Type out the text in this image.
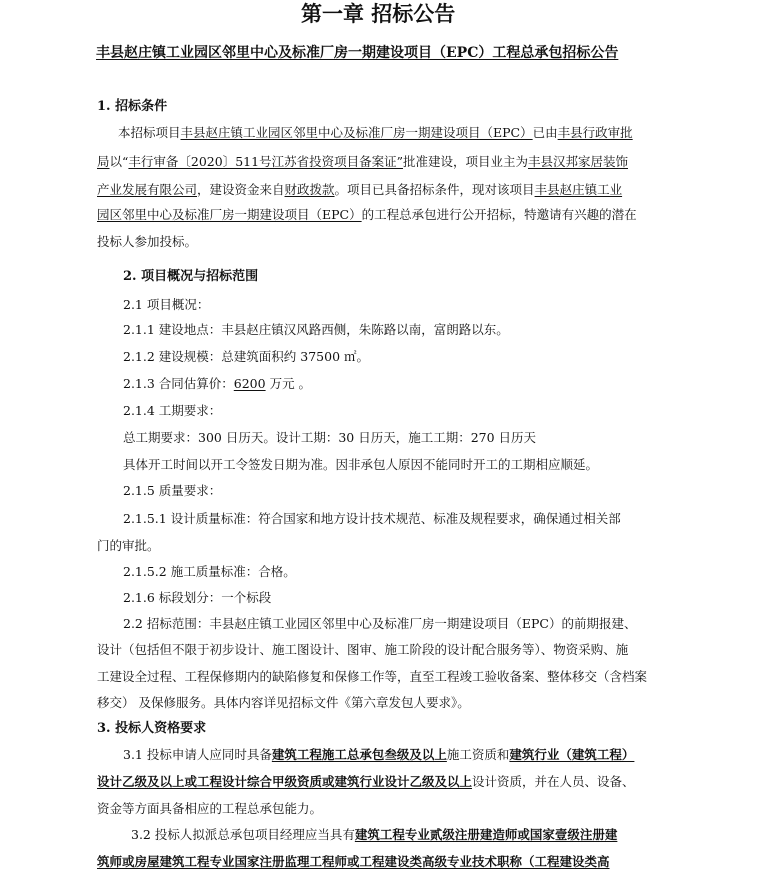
第一章 招标公告
丰县赵庄镇工业园区邻里中心及标准厂房一期建设项目（EPC）工程总承包招标公告
1. 招标条件
本招标项目丰县赵庄镇工业园区邻里中心及标准厂房一期建设项目（EPC）已由丰县行政审批
局以“丰行审备〔2020〕511号江苏省投资项目备案证”批准建设，项目业主为丰县汉邦家居装饰
产业发展有限公司，建设资金来自财政拨款。项目已具备招标条件，现对该项目丰县赵庄镇工业
园区邻里中心及标准厂房一期建设项目（EPC）的工程总承包进行公开招标，特邀请有兴趣的潜在
投标人参加投标。
2. 项目概况与招标范围
2.1 项目概况：
2.1.1 建设地点：丰县赵庄镇汉风路西侧，朱陈路以南，富朗路以东。
2.1.2 建设规模：总建筑面积约 37500 ㎡。
2.1.3 合同估算价：6200 万元 。
2.1.4 工期要求：
总工期要求：300 日历天。设计工期：30 日历天，施工工期：270 日历天
具体开工时间以开工令签发日期为准。因非承包人原因不能同时开工的工期相应顺延。
2.1.5 质量要求：
2.1.5.1 设计质量标准：符合国家和地方设计技术规范、标准及规程要求，确保通过相关部
门的审批。
2.1.5.2 施工质量标准：合格。
2.1.6 标段划分：一个标段
2.2 招标范围：丰县赵庄镇工业园区邻里中心及标准厂房一期建设项目（EPC）的前期报建、
设计（包括但不限于初步设计、施工图设计、图审、施工阶段的设计配合服务等）、物资采购、施
工建设全过程、工程保修期内的缺陷修复和保修工作等，直至工程竣工验收备案、整体移交（含档案
移交） 及保修服务。具体内容详见招标文件《第六章发包人要求》。
3. 投标人资格要求
3.1 投标申请人应同时具备建筑工程施工总承包叁级及以上施工资质和建筑行业（建筑工程）
设计乙级及以上或工程设计综合甲级资质或建筑行业设计乙级及以上设计资质，并在人员、设备、
资金等方面具备相应的工程总承包能力。
3.2 投标人拟派总承包项目经理应当具有建筑工程专业贰级注册建造师或国家壹级注册建
筑师或房屋建筑工程专业国家注册监理工程师或工程建设类高级专业技术职称（工程建设类高
